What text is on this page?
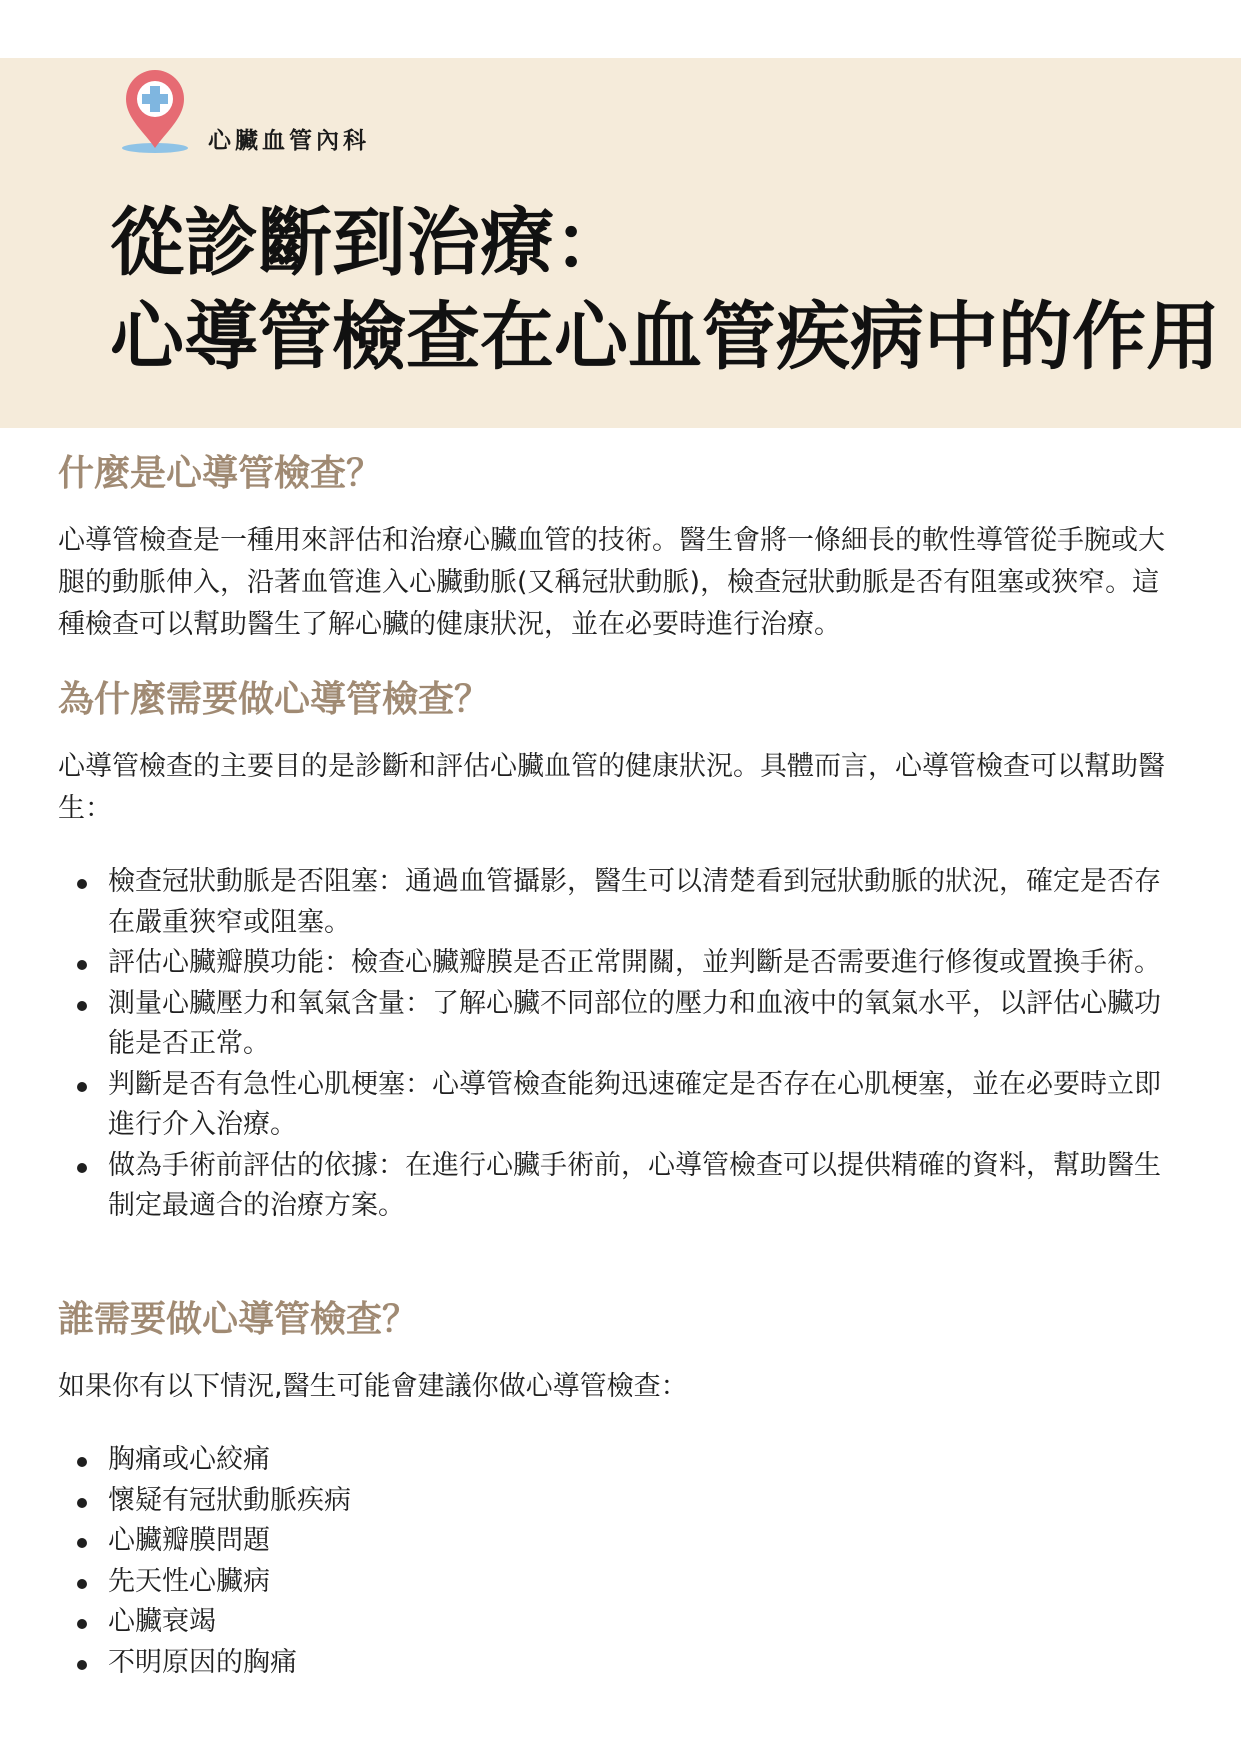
心臟血管內科
從診斷到治療：
心導管檢查在心血管疾病中的作用
什麼是心導管檢查？

心導管檢查是一種用來評估和治療心臟血管的技術。醫生會將一條細長的軟性導管從手腕或大腿的動脈伸入，沿著血管進入心臟動脈(又稱冠狀動脈)，檢查冠狀動脈是否有阻塞或狹窄。這種檢查可以幫助醫生了解心臟的健康狀況，並在必要時進行治療。

為什麼需要做心導管檢查？

心導管檢查的主要目的是診斷和評估心臟血管的健康狀況。具體而言，心導管檢查可以幫助醫生：

檢查冠狀動脈是否阻塞：通過血管攝影，醫生可以清楚看到冠狀動脈的狀況，確定是否存在嚴重狹窄或阻塞。
評估心臟瓣膜功能：檢查心臟瓣膜是否正常開關，並判斷是否需要進行修復或置換手術。
測量心臟壓力和氧氣含量：了解心臟不同部位的壓力和血液中的氧氣水平，以評估心臟功能是否正常。
判斷是否有急性心肌梗塞：心導管檢查能夠迅速確定是否存在心肌梗塞，並在必要時立即進行介入治療。
做為手術前評估的依據：在進行心臟手術前，心導管檢查可以提供精確的資料，幫助醫生制定最適合的治療方案。
誰需要做心導管檢查？

如果你有以下情況,醫生可能會建議你做心導管檢查：

胸痛或心絞痛
懷疑有冠狀動脈疾病
心臟瓣膜問題
先天性心臟病
心臟衰竭
不明原因的胸痛
